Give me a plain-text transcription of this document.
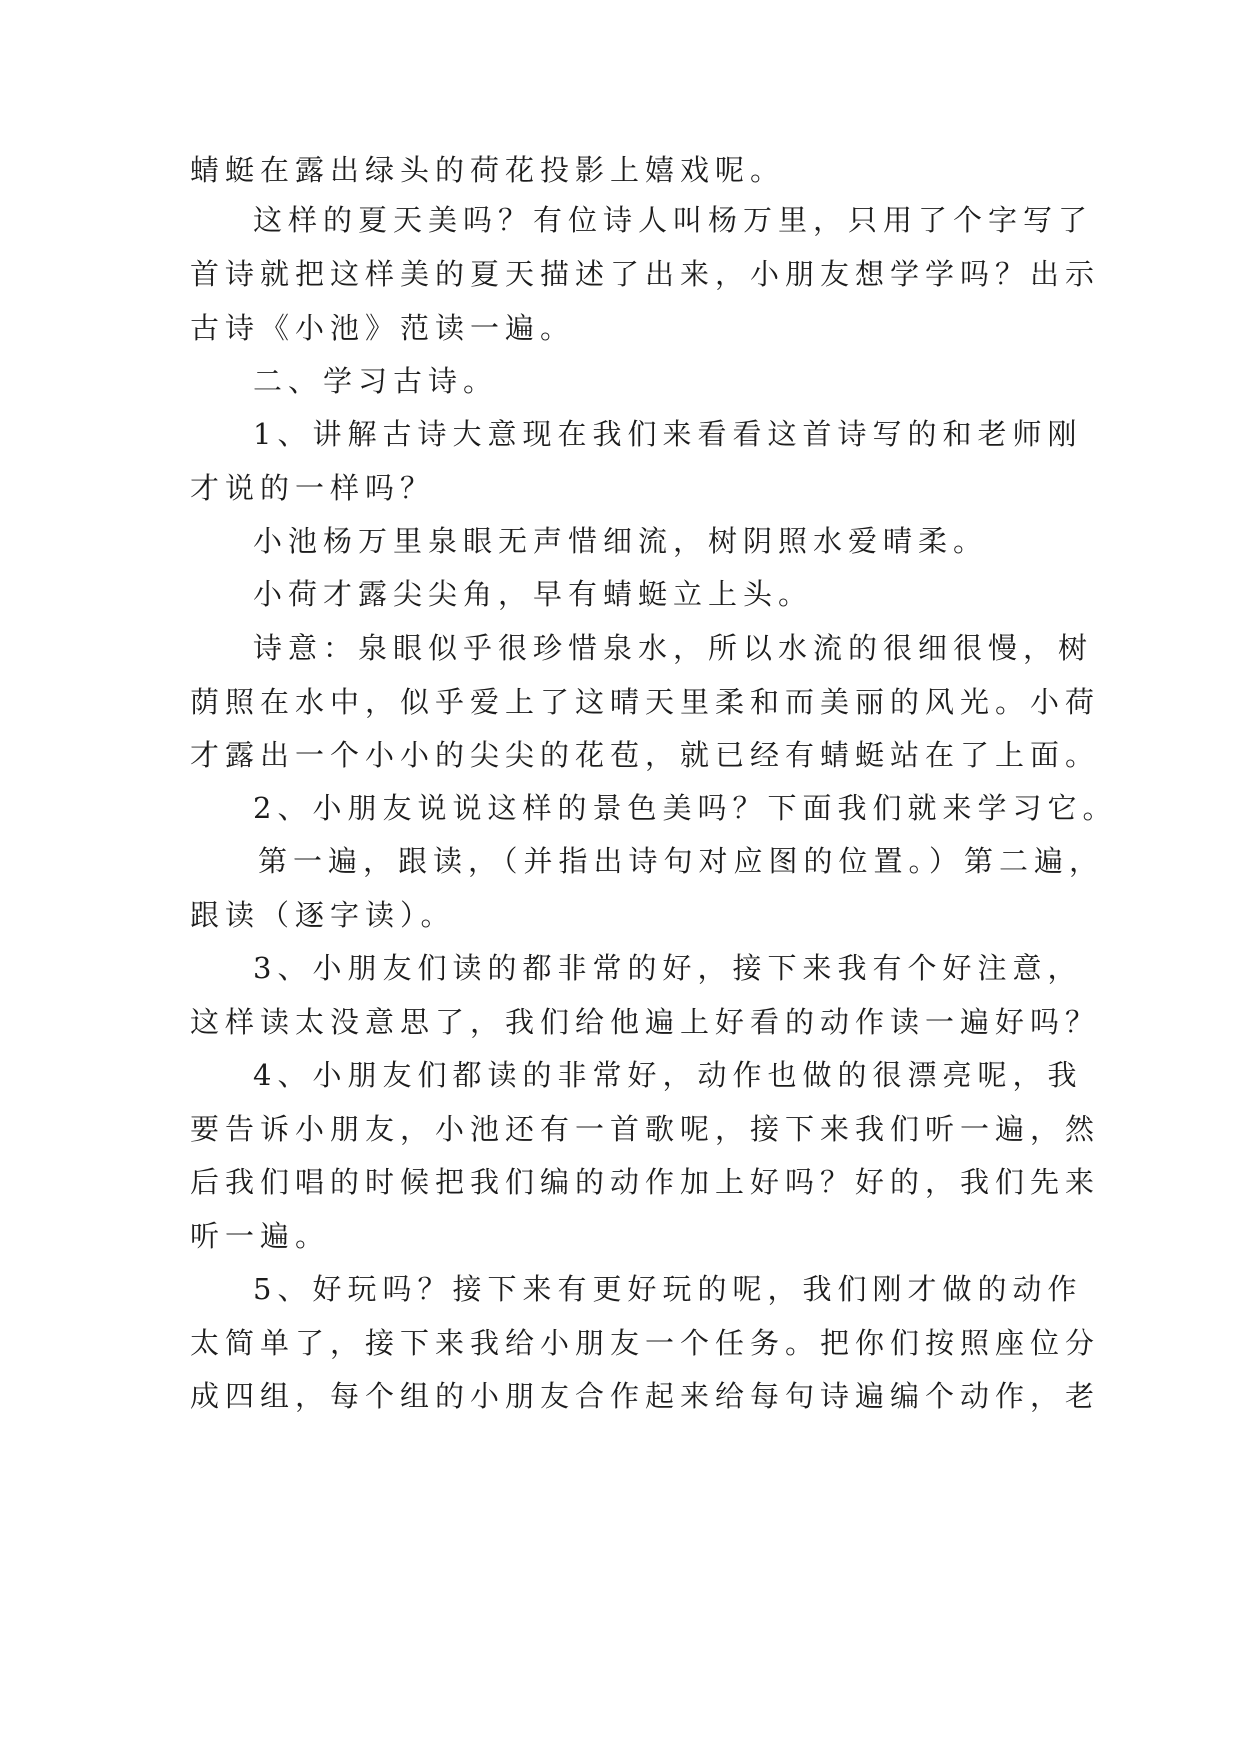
蜻蜓在露出绿头的荷花投影上嬉戏呢。
这样的夏天美吗？有位诗人叫杨万里，只用了个字写了
首诗就把这样美的夏天描述了出来，小朋友想学学吗？出示
古诗《小池》范读一遍。
二、学习古诗。
1、讲解古诗大意现在我们来看看这首诗写的和老师刚
才说的一样吗？
小池杨万里泉眼无声惜细流，树阴照水爱晴柔。
小荷才露尖尖角，早有蜻蜓立上头。
诗意：泉眼似乎很珍惜泉水，所以水流的很细很慢，树
荫照在水中，似乎爱上了这晴天里柔和而美丽的风光。小荷
才露出一个小小的尖尖的花苞，就已经有蜻蜓站在了上面。
2、小朋友说说这样的景色美吗？下面我们就来学习它。
第一遍，跟读，（并指出诗句对应图的位置。）第二遍，
跟读（逐字读）。
3、小朋友们读的都非常的好，接下来我有个好注意，
这样读太没意思了，我们给他遍上好看的动作读一遍好吗？
4、小朋友们都读的非常好，动作也做的很漂亮呢，我
要告诉小朋友，小池还有一首歌呢，接下来我们听一遍，然
后我们唱的时候把我们编的动作加上好吗？好的，我们先来
听一遍。
5、好玩吗？接下来有更好玩的呢，我们刚才做的动作
太简单了，接下来我给小朋友一个任务。把你们按照座位分
成四组，每个组的小朋友合作起来给每句诗遍编个动作，老
